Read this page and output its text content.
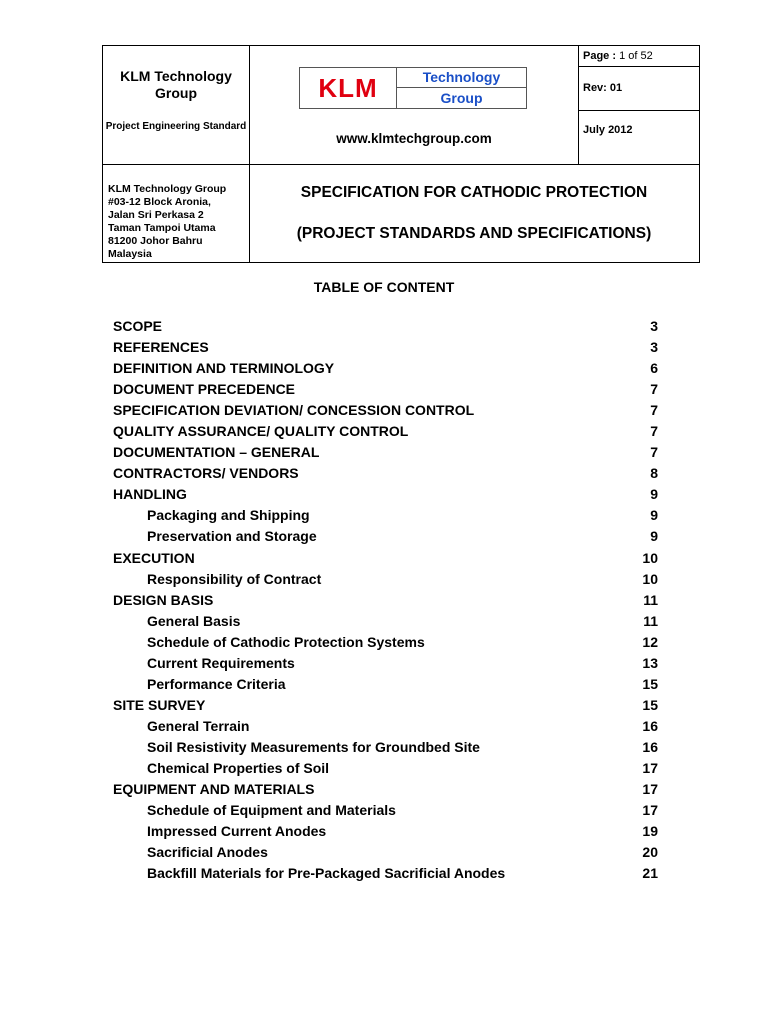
KLM Technology Group
Project Engineering Standard
KLM	Technology
Group
www.klmtechgroup.com
Page : 1 of 52
Rev: 01
July 2012
KLM Technology Group
#03-12 Block Aronia,
Jalan Sri Perkasa 2
Taman Tampoi Utama
81200 Johor Bahru
Malaysia
SPECIFICATION FOR CATHODIC PROTECTION
(PROJECT STANDARDS AND SPECIFICATIONS)
TABLE OF CONTENT
SCOPE	3
REFERENCES	3
DEFINITION AND TERMINOLOGY	6
DOCUMENT PRECEDENCE	7
SPECIFICATION DEVIATION/ CONCESSION CONTROL	7
QUALITY ASSURANCE/ QUALITY CONTROL	7
DOCUMENTATION – GENERAL	7
CONTRACTORS/ VENDORS	8
HANDLING	9
Packaging and Shipping	9
Preservation and Storage	9
EXECUTION	10
Responsibility of Contract	10
DESIGN BASIS	11
General Basis	11
Schedule of Cathodic Protection Systems	12
Current Requirements	13
Performance Criteria	15
SITE SURVEY	15
General Terrain	16
Soil Resistivity Measurements for Groundbed Site	16
Chemical Properties of Soil	17
EQUIPMENT AND MATERIALS	17
Schedule of Equipment and Materials	17
Impressed Current Anodes	19
Sacrificial Anodes	20
Backfill Materials for Pre-Packaged Sacrificial Anodes	21
